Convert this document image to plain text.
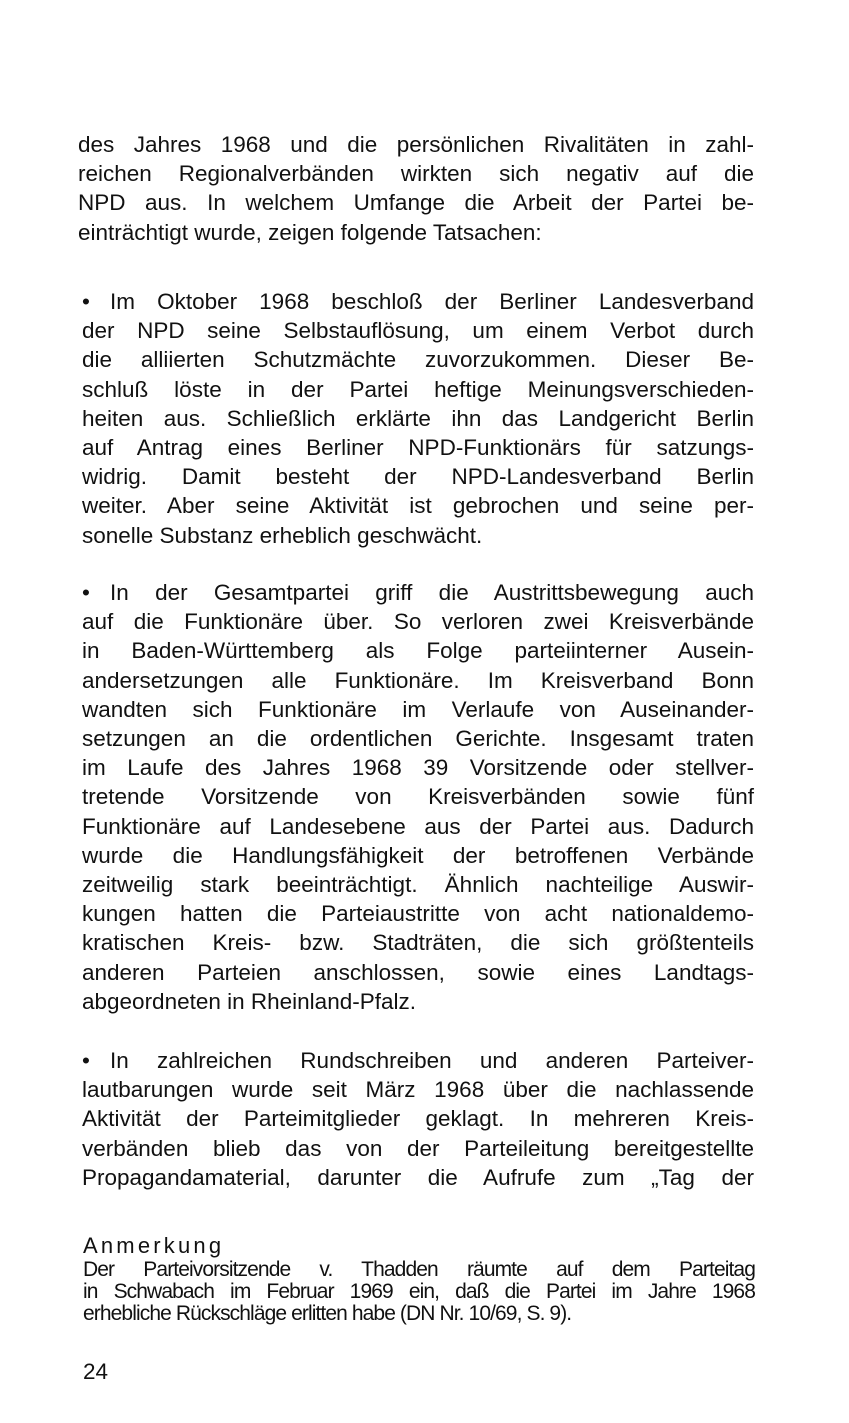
des Jahres 1968 und die persönlichen Rivalitäten in zahl-
reichen Regionalverbänden wirkten sich negativ auf die
NPD aus. In welchem Umfange die Arbeit der Partei be-
einträchtigt wurde, zeigen folgende Tatsachen:
• Im Oktober 1968 beschloß der Berliner Landesverband
der NPD seine Selbstauflösung, um einem Verbot durch
die alliierten Schutzmächte zuvorzukommen. Dieser Be-
schluß löste in der Partei heftige Meinungsverschieden-
heiten aus. Schließlich erklärte ihn das Landgericht Berlin
auf Antrag eines Berliner NPD-Funktionärs für satzungs-
widrig. Damit besteht der NPD-Landesverband Berlin
weiter. Aber seine Aktivität ist gebrochen und seine per-
sonelle Substanz erheblich geschwächt.
• In der Gesamtpartei griff die Austrittsbewegung auch
auf die Funktionäre über. So verloren zwei Kreisverbände
in Baden-Württemberg als Folge parteiinterner Ausein-
andersetzungen alle Funktionäre. Im Kreisverband Bonn
wandten sich Funktionäre im Verlaufe von Auseinander-
setzungen an die ordentlichen Gerichte. Insgesamt traten
im Laufe des Jahres 1968 39 Vorsitzende oder stellver-
tretende Vorsitzende von Kreisverbänden sowie fünf
Funktionäre auf Landesebene aus der Partei aus. Dadurch
wurde die Handlungsfähigkeit der betroffenen Verbände
zeitweilig stark beeinträchtigt. Ähnlich nachteilige Auswir-
kungen hatten die Parteiaustritte von acht nationaldemo-
kratischen Kreis- bzw. Stadträten, die sich größtenteils
anderen Parteien anschlossen, sowie eines Landtags-
abgeordneten in Rheinland-Pfalz.
• In zahlreichen Rundschreiben und anderen Parteiver-
lautbarungen wurde seit März 1968 über die nachlassende
Aktivität der Parteimitglieder geklagt. In mehreren Kreis-
verbänden blieb das von der Parteileitung bereitgestellte
Propagandamaterial, darunter die Aufrufe zum „Tag der
Anmerkung
Der Parteivorsitzende v. Thadden räumte auf dem Parteitag
in Schwabach im Februar 1969 ein, daß die Partei im Jahre 1968
erhebliche Rückschläge erlitten habe (DN Nr. 10/69, S. 9).
24
